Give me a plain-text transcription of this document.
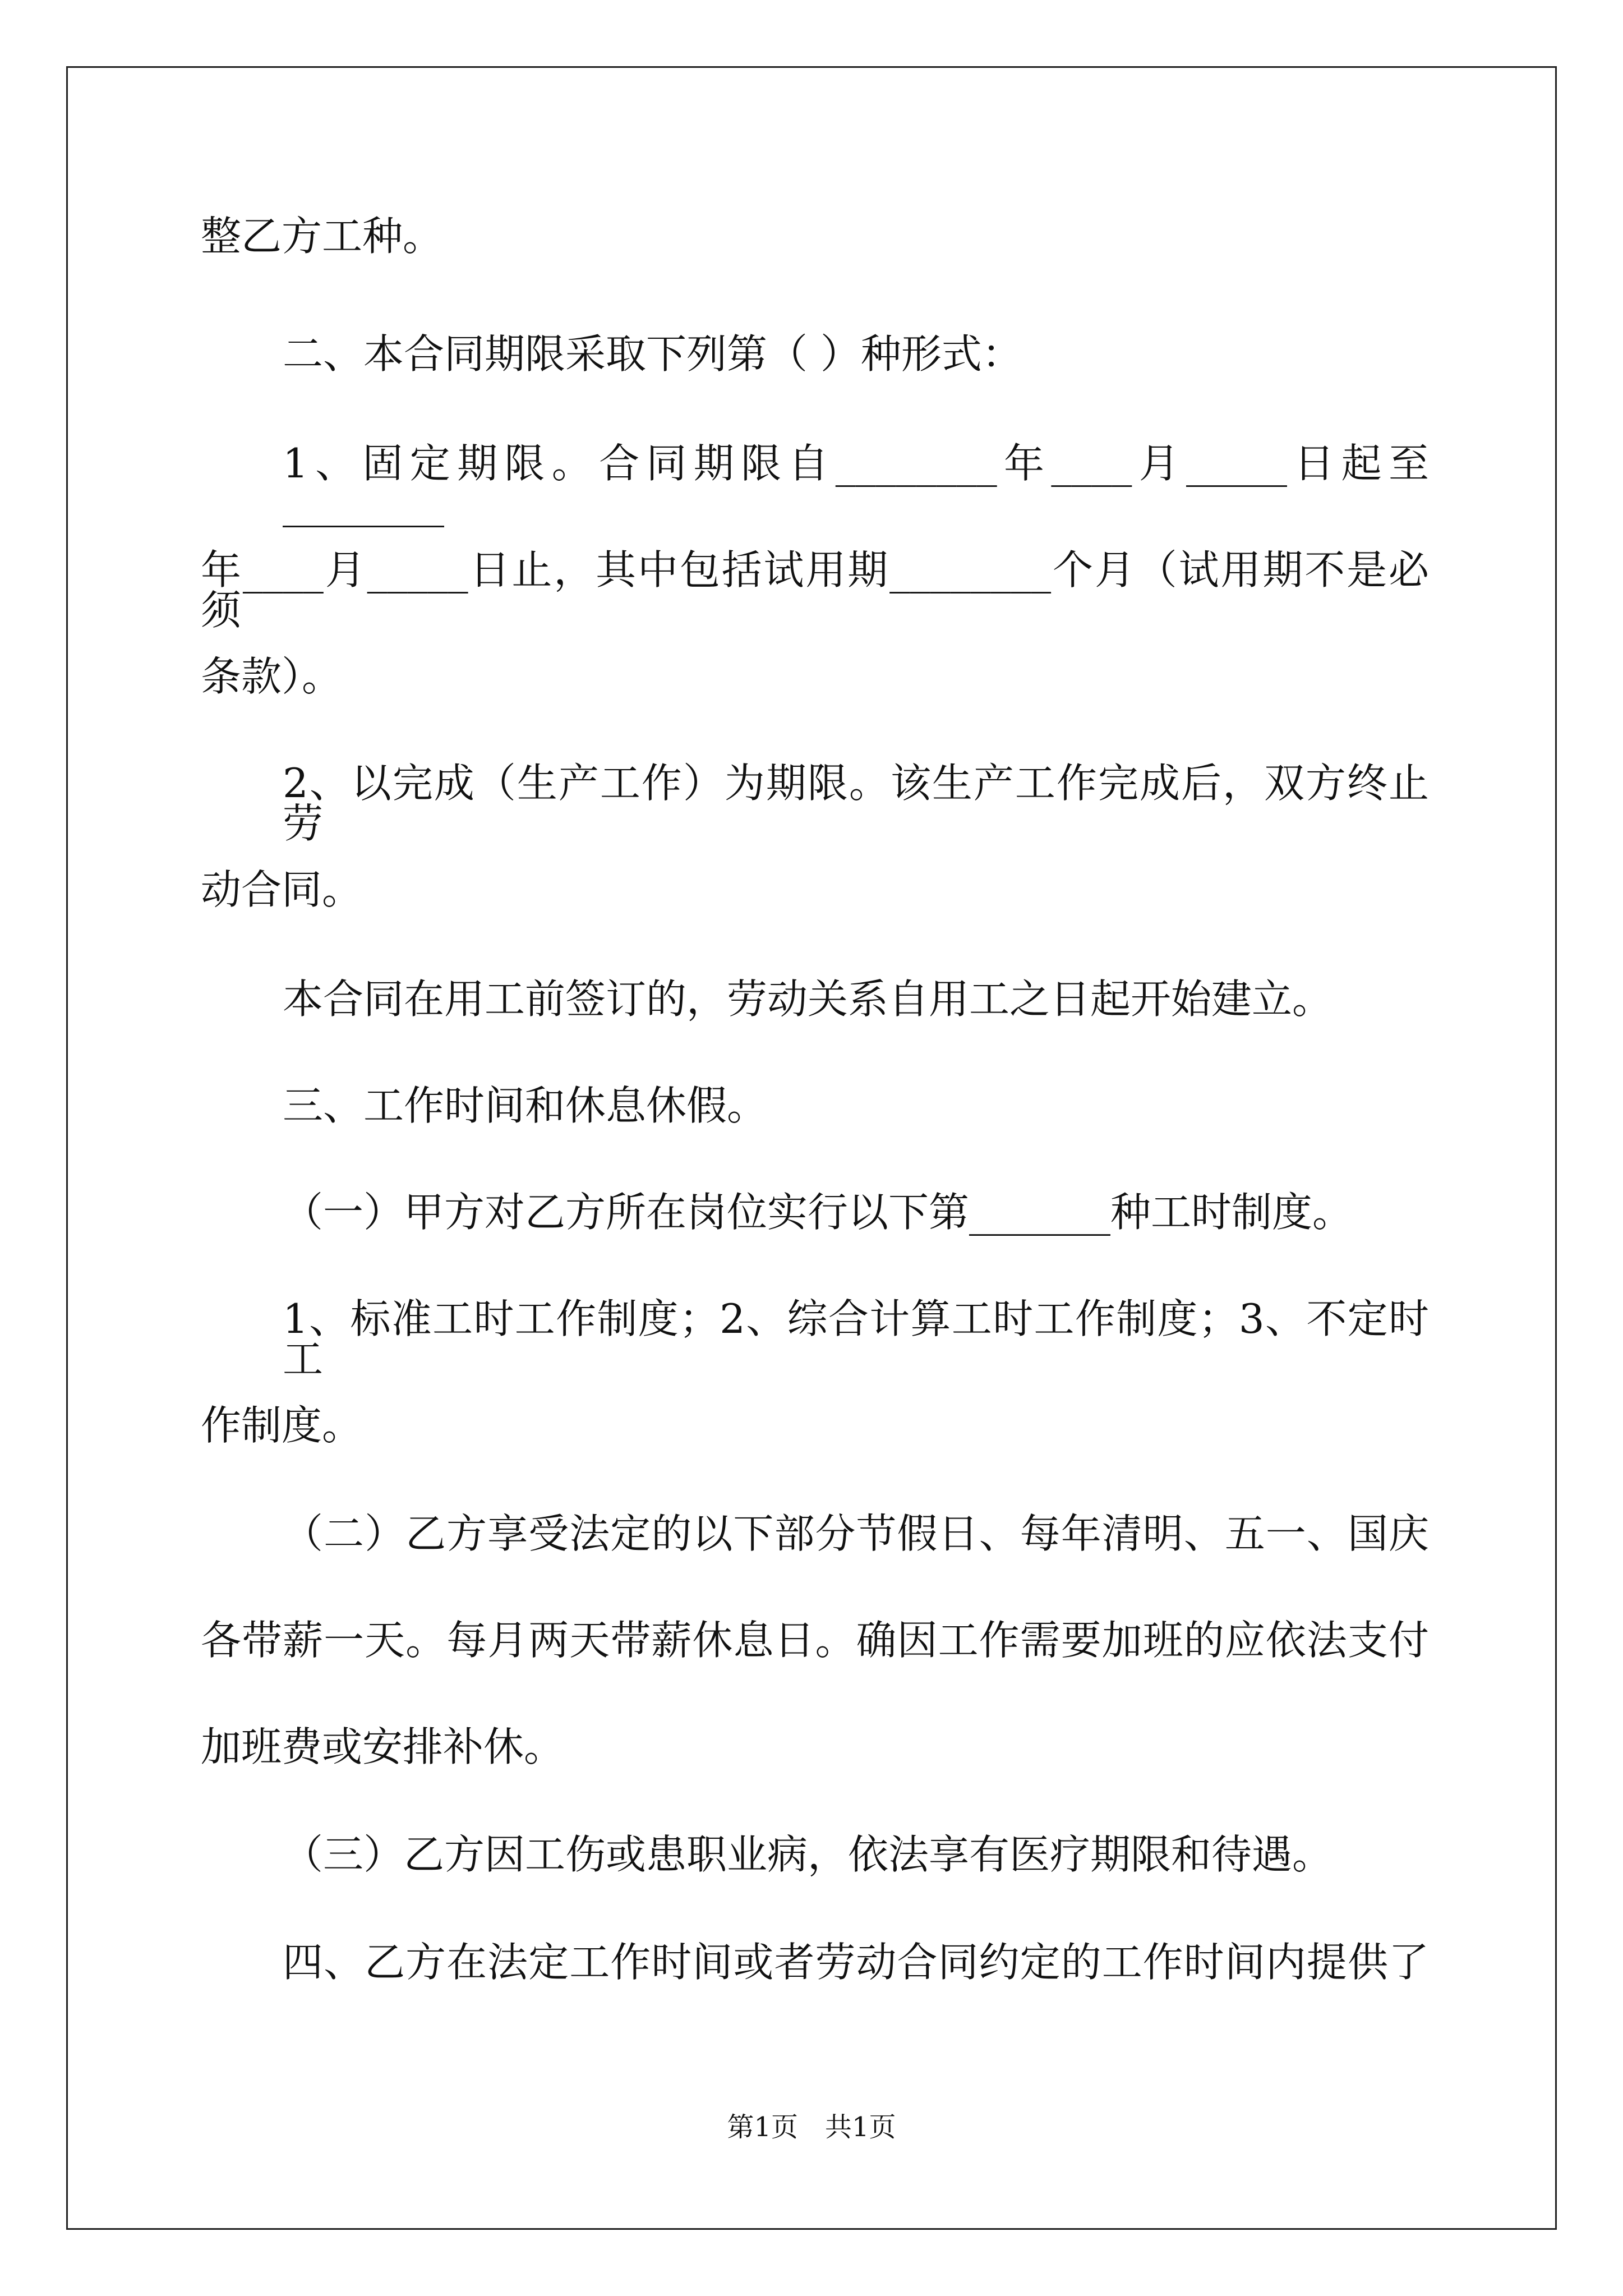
整乙方工种。
二、本合同期限采取下列第（ ）种形式：
1、固定期限。合同期限自________年____月_____日起至________
年____月_____日止，其中包括试用期________个月（试用期不是必须
条款）。
2、以完成（生产工作）为期限。该生产工作完成后，双方终止劳
动合同。
本合同在用工前签订的，劳动关系自用工之日起开始建立。
三、工作时间和休息休假。
（一）甲方对乙方所在岗位实行以下第_______种工时制度。
1、标准工时工作制度；2、综合计算工时工作制度；3、不定时工
作制度。
（二）乙方享受法定的以下部分节假日、每年清明、五一、国庆
各带薪一天。每月两天带薪休息日。确因工作需要加班的应依法支付
加班费或安排补休。
（三）乙方因工伤或患职业病，依法享有医疗期限和待遇。
四、乙方在法定工作时间或者劳动合同约定的工作时间内提供了
第1页　共1页
